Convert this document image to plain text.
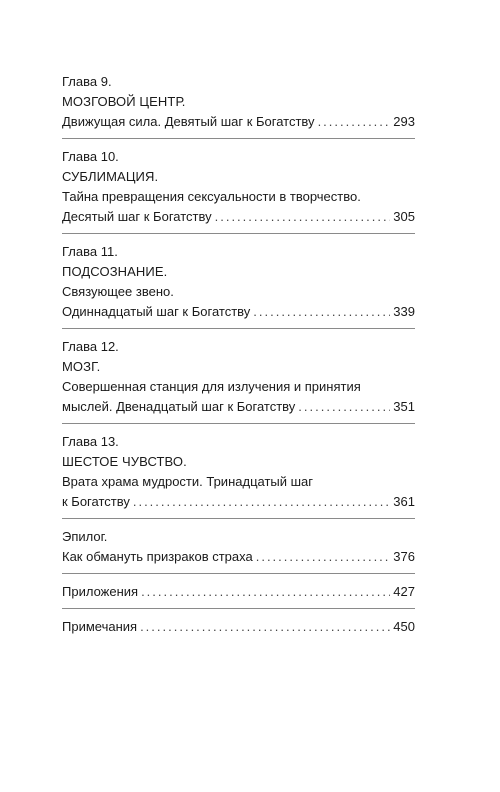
Глава 9.
МОЗГОВОЙ ЦЕНТР.
Движущая сила. Девятый шаг к Богатству .....	293
Глава 10.
СУБЛИМАЦИЯ.
Тайна превращения сексуальности в творчество.
Десятый шаг к Богатству .....	305
Глава 11.
ПОДСОЗНАНИЕ.
Связующее звено.
Одиннадцатый шаг к Богатству .....	339
Глава 12.
МОЗГ.
Совершенная станция для излучения и принятия
мыслей. Двенадцатый шаг к Богатству .....	351
Глава 13.
ШЕСТОЕ ЧУВСТВО.
Врата храма мудрости. Тринадцатый шаг
к Богатству .....	361
Эпилог.
Как обмануть призраков страха .....	376
Приложения .....	427
Примечания .....	450
